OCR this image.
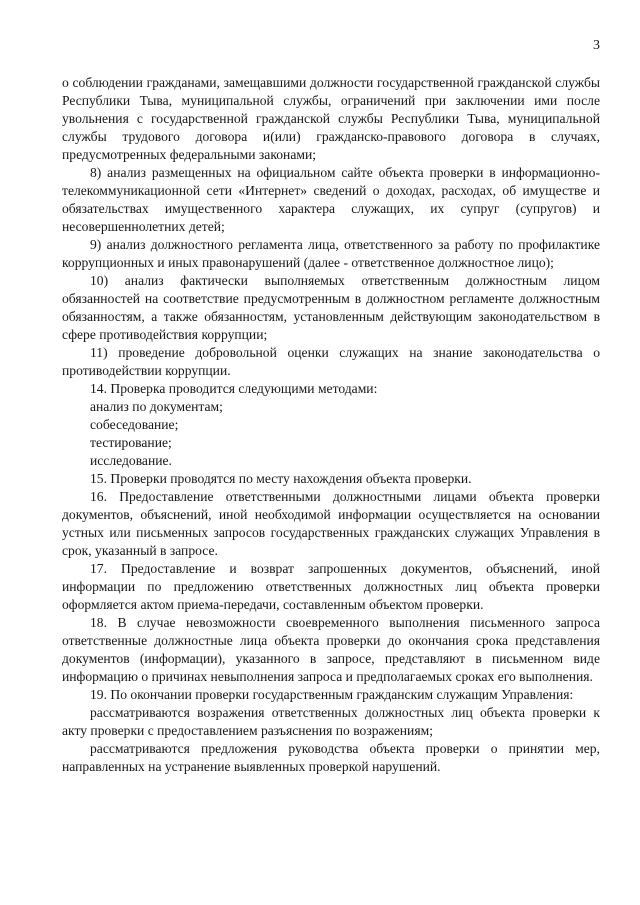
3

о соблюдении гражданами, замещавшими должности государственной гражданской службы Республики Тыва, муниципальной службы, ограничений при заключении ими после увольнения с государственной гражданской службы Республики Тыва, муниципальной службы трудового договора и(или) гражданско-правового договора в случаях, предусмотренных федеральными законами;

8) анализ размещенных на официальном сайте объекта проверки в информационно-телекоммуникационной сети «Интернет» сведений о доходах, расходах, об имуществе и обязательствах имущественного характера служащих, их супруг (супругов) и несовершеннолетних детей;

9) анализ должностного регламента лица, ответственного за работу по профилактике коррупционных и иных правонарушений (далее - ответственное должностное лицо);

10) анализ фактически выполняемых ответственным должностным лицом обязанностей на соответствие предусмотренным в должностном регламенте должностным обязанностям, а также обязанностям, установленным действующим законодательством в сфере противодействия коррупции;

11) проведение добровольной оценки служащих на знание законодательства о противодействии коррупции.

14. Проверка проводится следующими методами:

анализ по документам;

собеседование;

тестирование;

исследование.

15. Проверки проводятся по месту нахождения объекта проверки.

16. Предоставление ответственными должностными лицами объекта проверки документов, объяснений, иной необходимой информации осуществляется на основании устных или письменных запросов государственных гражданских служащих Управления в срок, указанный в запросе.

17. Предоставление и возврат запрошенных документов, объяснений, иной информации по предложению ответственных должностных лиц объекта проверки оформляется актом приема-передачи, составленным объектом проверки.

18. В случае невозможности своевременного выполнения письменного запроса ответственные должностные лица объекта проверки до окончания срока представления документов (информации), указанного в запросе, представляют в письменном виде информацию о причинах невыполнения запроса и предполагаемых сроках его выполнения.

19. По окончании проверки государственным гражданским служащим Управления:

рассматриваются возражения ответственных должностных лиц объекта проверки к акту проверки с предоставлением разъяснения по возражениям;

рассматриваются предложения руководства объекта проверки о принятии мер, направленных на устранение выявленных проверкой нарушений.
